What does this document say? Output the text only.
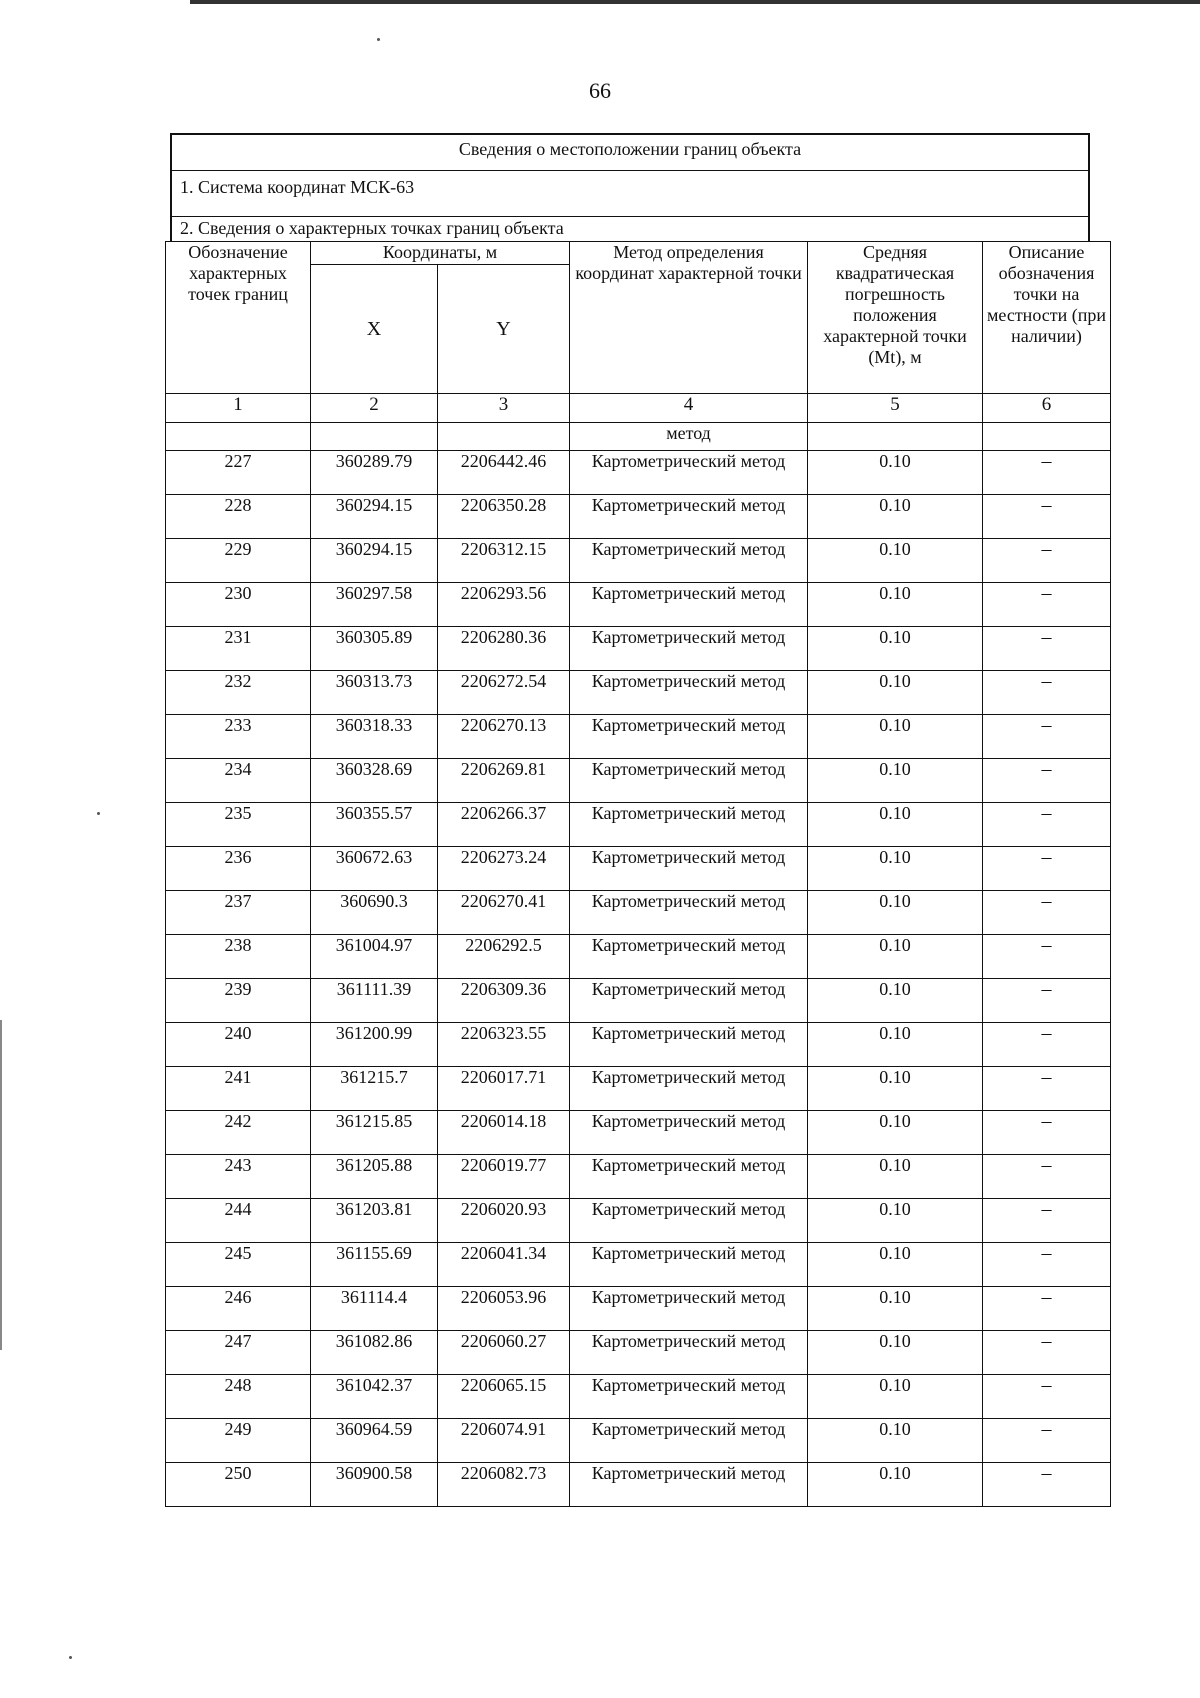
66
Сведения о местоположении границ объекта
1. Система координат МСК-63
2. Сведения о характерных точках границ объекта
Обозначение характерных точек границ	Координаты, м		Метод определения координат характерной точки	Средняя квадратическая погрешность положения характерной точки (Mt), м	Описание обозначения точки на местности (при наличии)
	X	Y			
1	2	3	4	5	6
			метод		
227	360289.79	2206442.46	Картометрический метод	0.10	–
228	360294.15	2206350.28	Картометрический метод	0.10	–
229	360294.15	2206312.15	Картометрический метод	0.10	–
230	360297.58	2206293.56	Картометрический метод	0.10	–
231	360305.89	2206280.36	Картометрический метод	0.10	–
232	360313.73	2206272.54	Картометрический метод	0.10	–
233	360318.33	2206270.13	Картометрический метод	0.10	–
234	360328.69	2206269.81	Картометрический метод	0.10	–
235	360355.57	2206266.37	Картометрический метод	0.10	–
236	360672.63	2206273.24	Картометрический метод	0.10	–
237	360690.3	2206270.41	Картометрический метод	0.10	–
238	361004.97	2206292.5	Картометрический метод	0.10	–
239	361111.39	2206309.36	Картометрический метод	0.10	–
240	361200.99	2206323.55	Картометрический метод	0.10	–
241	361215.7	2206017.71	Картометрический метод	0.10	–
242	361215.85	2206014.18	Картометрический метод	0.10	–
243	361205.88	2206019.77	Картометрический метод	0.10	–
244	361203.81	2206020.93	Картометрический метод	0.10	–
245	361155.69	2206041.34	Картометрический метод	0.10	–
246	361114.4	2206053.96	Картометрический метод	0.10	–
247	361082.86	2206060.27	Картометрический метод	0.10	–
248	361042.37	2206065.15	Картометрический метод	0.10	–
249	360964.59	2206074.91	Картометрический метод	0.10	–
250	360900.58	2206082.73	Картометрический метод	0.10	–
